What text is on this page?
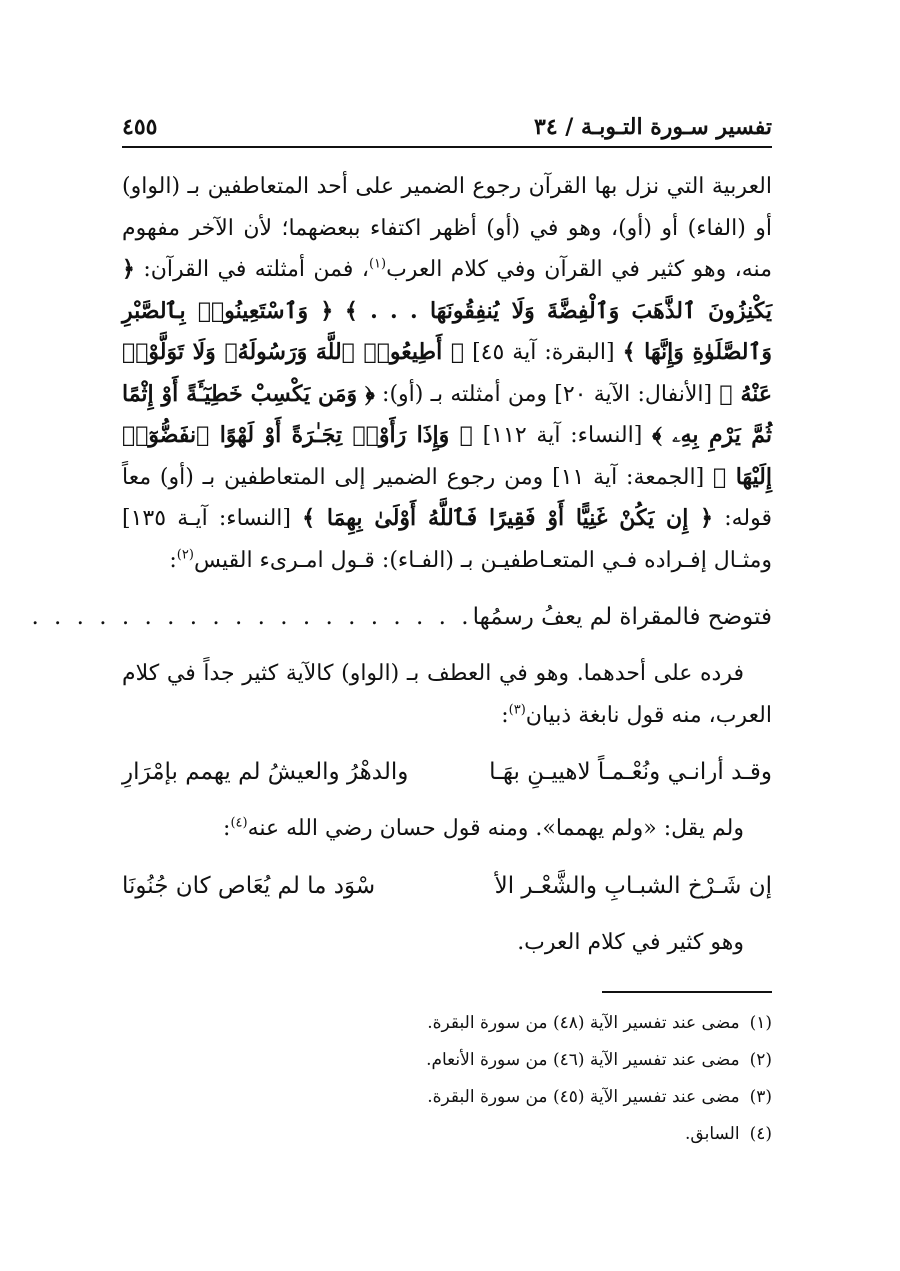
تفسير سـورة التـوبـة / ٣٤
٤٥٥

العربية التي نزل بها القرآن رجوع الضمير على أحد المتعاطفين بـ (الواو) أو (الفاء) أو (أو)، وهو في (أو) أظهر اكتفاء ببعضهما؛ لأن الآخر مفهوم منه، وهو كثير في القرآن وفي كلام العرب$^{(١)}$، فمن أمثلته في القرآن: ﴿ يَكْنِزُونَ ٱلذَّهَبَ وَٱلْفِضَّةَ وَلَا يُنفِقُونَهَا . . . ﴾ ﴿ وَٱسْتَعِينُوا۟ بِٱلصَّبْرِ وَٱلصَّلَوٰةِ وَإِنَّهَا ﴾ [البقرة: آية ٤٥] ﴿ أَطِيعُوا۟ ٱللَّهَ وَرَسُولَهُۥ وَلَا تَوَلَّوْا۟ عَنْهُ ﴾ [الأنفال: الآية ٢٠] ومن أمثلته بـ (أو): ﴿ وَمَن يَكْسِبْ خَطِيٓـَٔةً أَوْ إِثْمًا ثُمَّ يَرْمِ بِهِۦ ﴾ [النساء: آية ١١٢] ﴿ وَإِذَا رَأَوْا۟ تِجَـٰرَةً أَوْ لَهْوًا ٱنفَضُّوٓا۟ إِلَيْهَا ﴾ [الجمعة: آية ١١] ومن رجوع الضمير إلى المتعاطفين بـ (أو) معاً قوله: ﴿ إِن يَكُنْ غَنِيًّا أَوْ فَقِيرًا فَٱللَّهُ أَوْلَىٰ بِهِمَا ﴾ [النساء: آيـة ١٣٥] ومثـال إفـراده فـي المتعـاطفيـن بـ (الفـاء): قـول امـرىء القيس$^{(٢)}$:

فتوضح فالمقراة لم يعفُ رسمُها
. . . . . . . . . . . . . . . . . . . .

فرده على أحدهما. وهو في العطف بـ (الواو) كالآية كثير جداً في كلام العرب، منه قول نابغة ذبيان$^{(٣)}$:

وقـد أرانـي ونُعْـمـاً لاهييـنِ بهَـا
والدهْرُ والعيشُ لم يهمم بإمْرَارِ

ولم يقل: «ولم يهمما». ومنه قول حسان رضي الله عنه$^{(٤)}$:

إن شَـرْخ الشبـابِ والشَّعْـر الأ
سْوَد ما لم يُعَاص كان جُنُونَا

وهو كثير في كلام العرب.

(١)
مضى عند تفسير الآية (٤٨) من سورة البقرة.
(٢)
مضى عند تفسير الآية (٤٦) من سورة الأنعام.
(٣)
مضى عند تفسير الآية (٤٥) من سورة البقرة.
(٤)
السابق.
